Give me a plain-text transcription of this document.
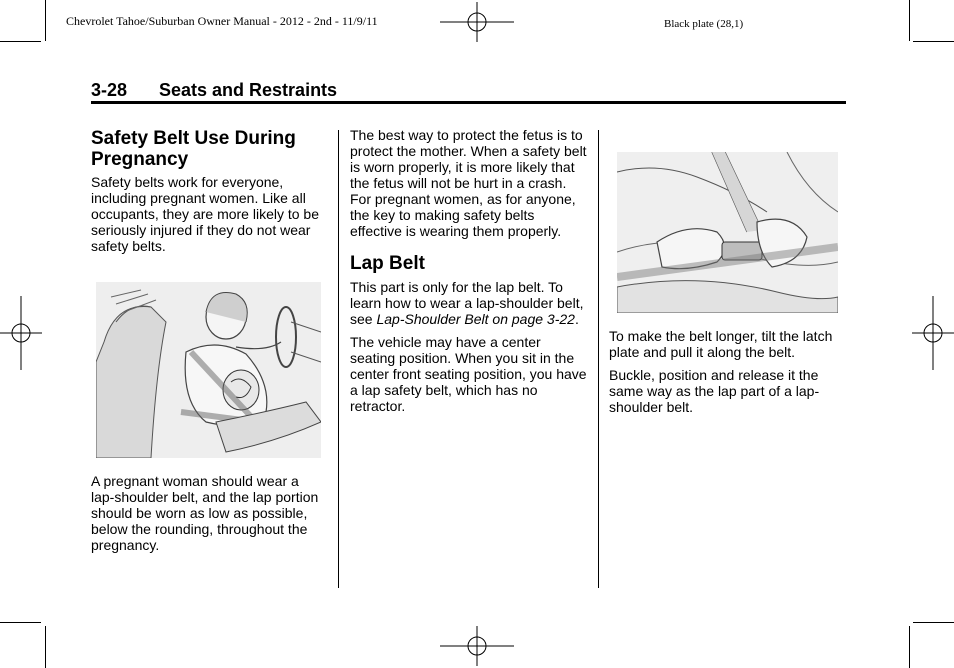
Chevrolet Tahoe/Suburban Owner Manual - 2012 - 2nd - 11/9/11	Black plate (28,1)
3-28 Seats and Restraints
Safety Belt Use During Pregnancy

Safety belts work for everyone, including pregnant women. Like all occupants, they are more likely to be seriously injured if they do not wear safety belts.

A pregnant woman should wear a lap-shoulder belt, and the lap portion should be worn as low as possible, below the rounding, throughout the pregnancy.

The best way to protect the fetus is to protect the mother. When a safety belt is worn properly, it is more likely that the fetus will not be hurt in a crash. For pregnant women, as for anyone, the key to making safety belts effective is wearing them properly.

Lap Belt

This part is only for the lap belt. To learn how to wear a lap-shoulder belt, see Lap-Shoulder Belt on page 3-22.

The vehicle may have a center seating position. When you sit in the center front seating position, you have a lap safety belt, which has no retractor.

To make the belt longer, tilt the latch plate and pull it along the belt.

Buckle, position and release it the same way as the lap part of a lap-shoulder belt.
